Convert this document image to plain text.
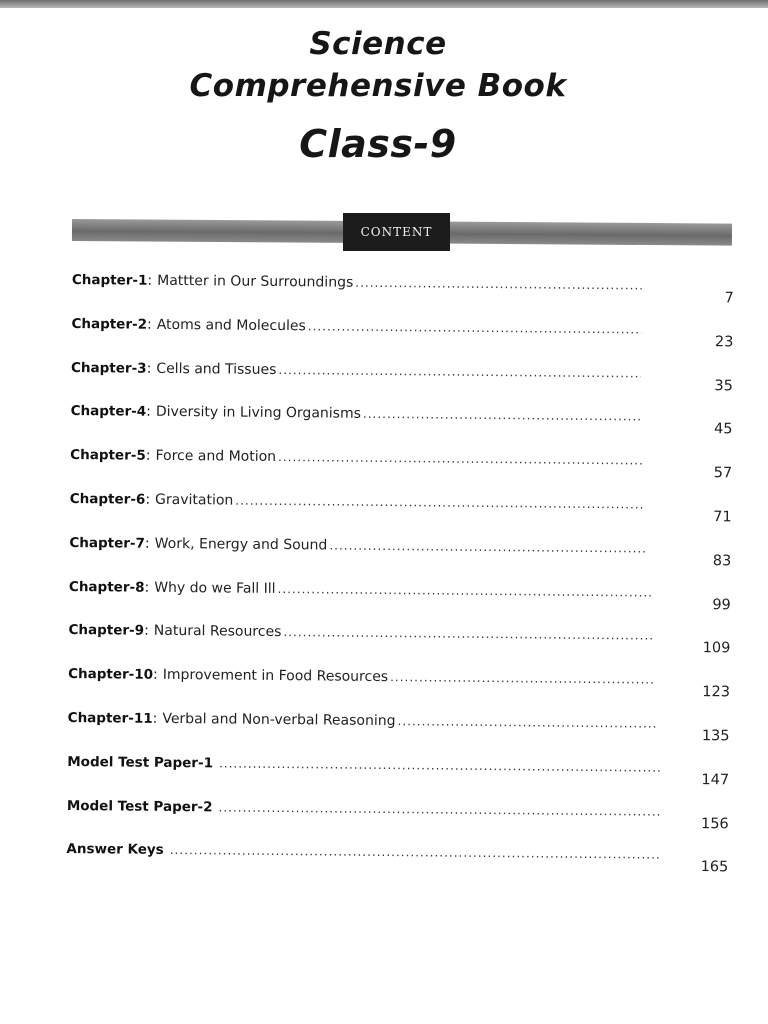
Science
Comprehensive Book
Class-9
CONTENT
Chapter-1 : Mattter in Our Surroundings
.....
7
Chapter-2 : Atoms and Molecules
.....
23
Chapter-3 : Cells and Tissues
.....
35
Chapter-4 : Diversity in Living Organisms
.....
45
Chapter-5 : Force and Motion
.....
57
Chapter-6 : Gravitation
.....
71
Chapter-7 : Work, Energy and Sound
.....
83
Chapter-8 : Why do we Fall Ill
.....
99
Chapter-9 : Natural Resources
.....
109
Chapter-10 : Improvement in Food Resources
.....
123
Chapter-11 : Verbal and Non-verbal Reasoning
.....
135
Model Test Paper-1
.....
147
Model Test Paper-2
.....
156
Answer Keys
.....
165
